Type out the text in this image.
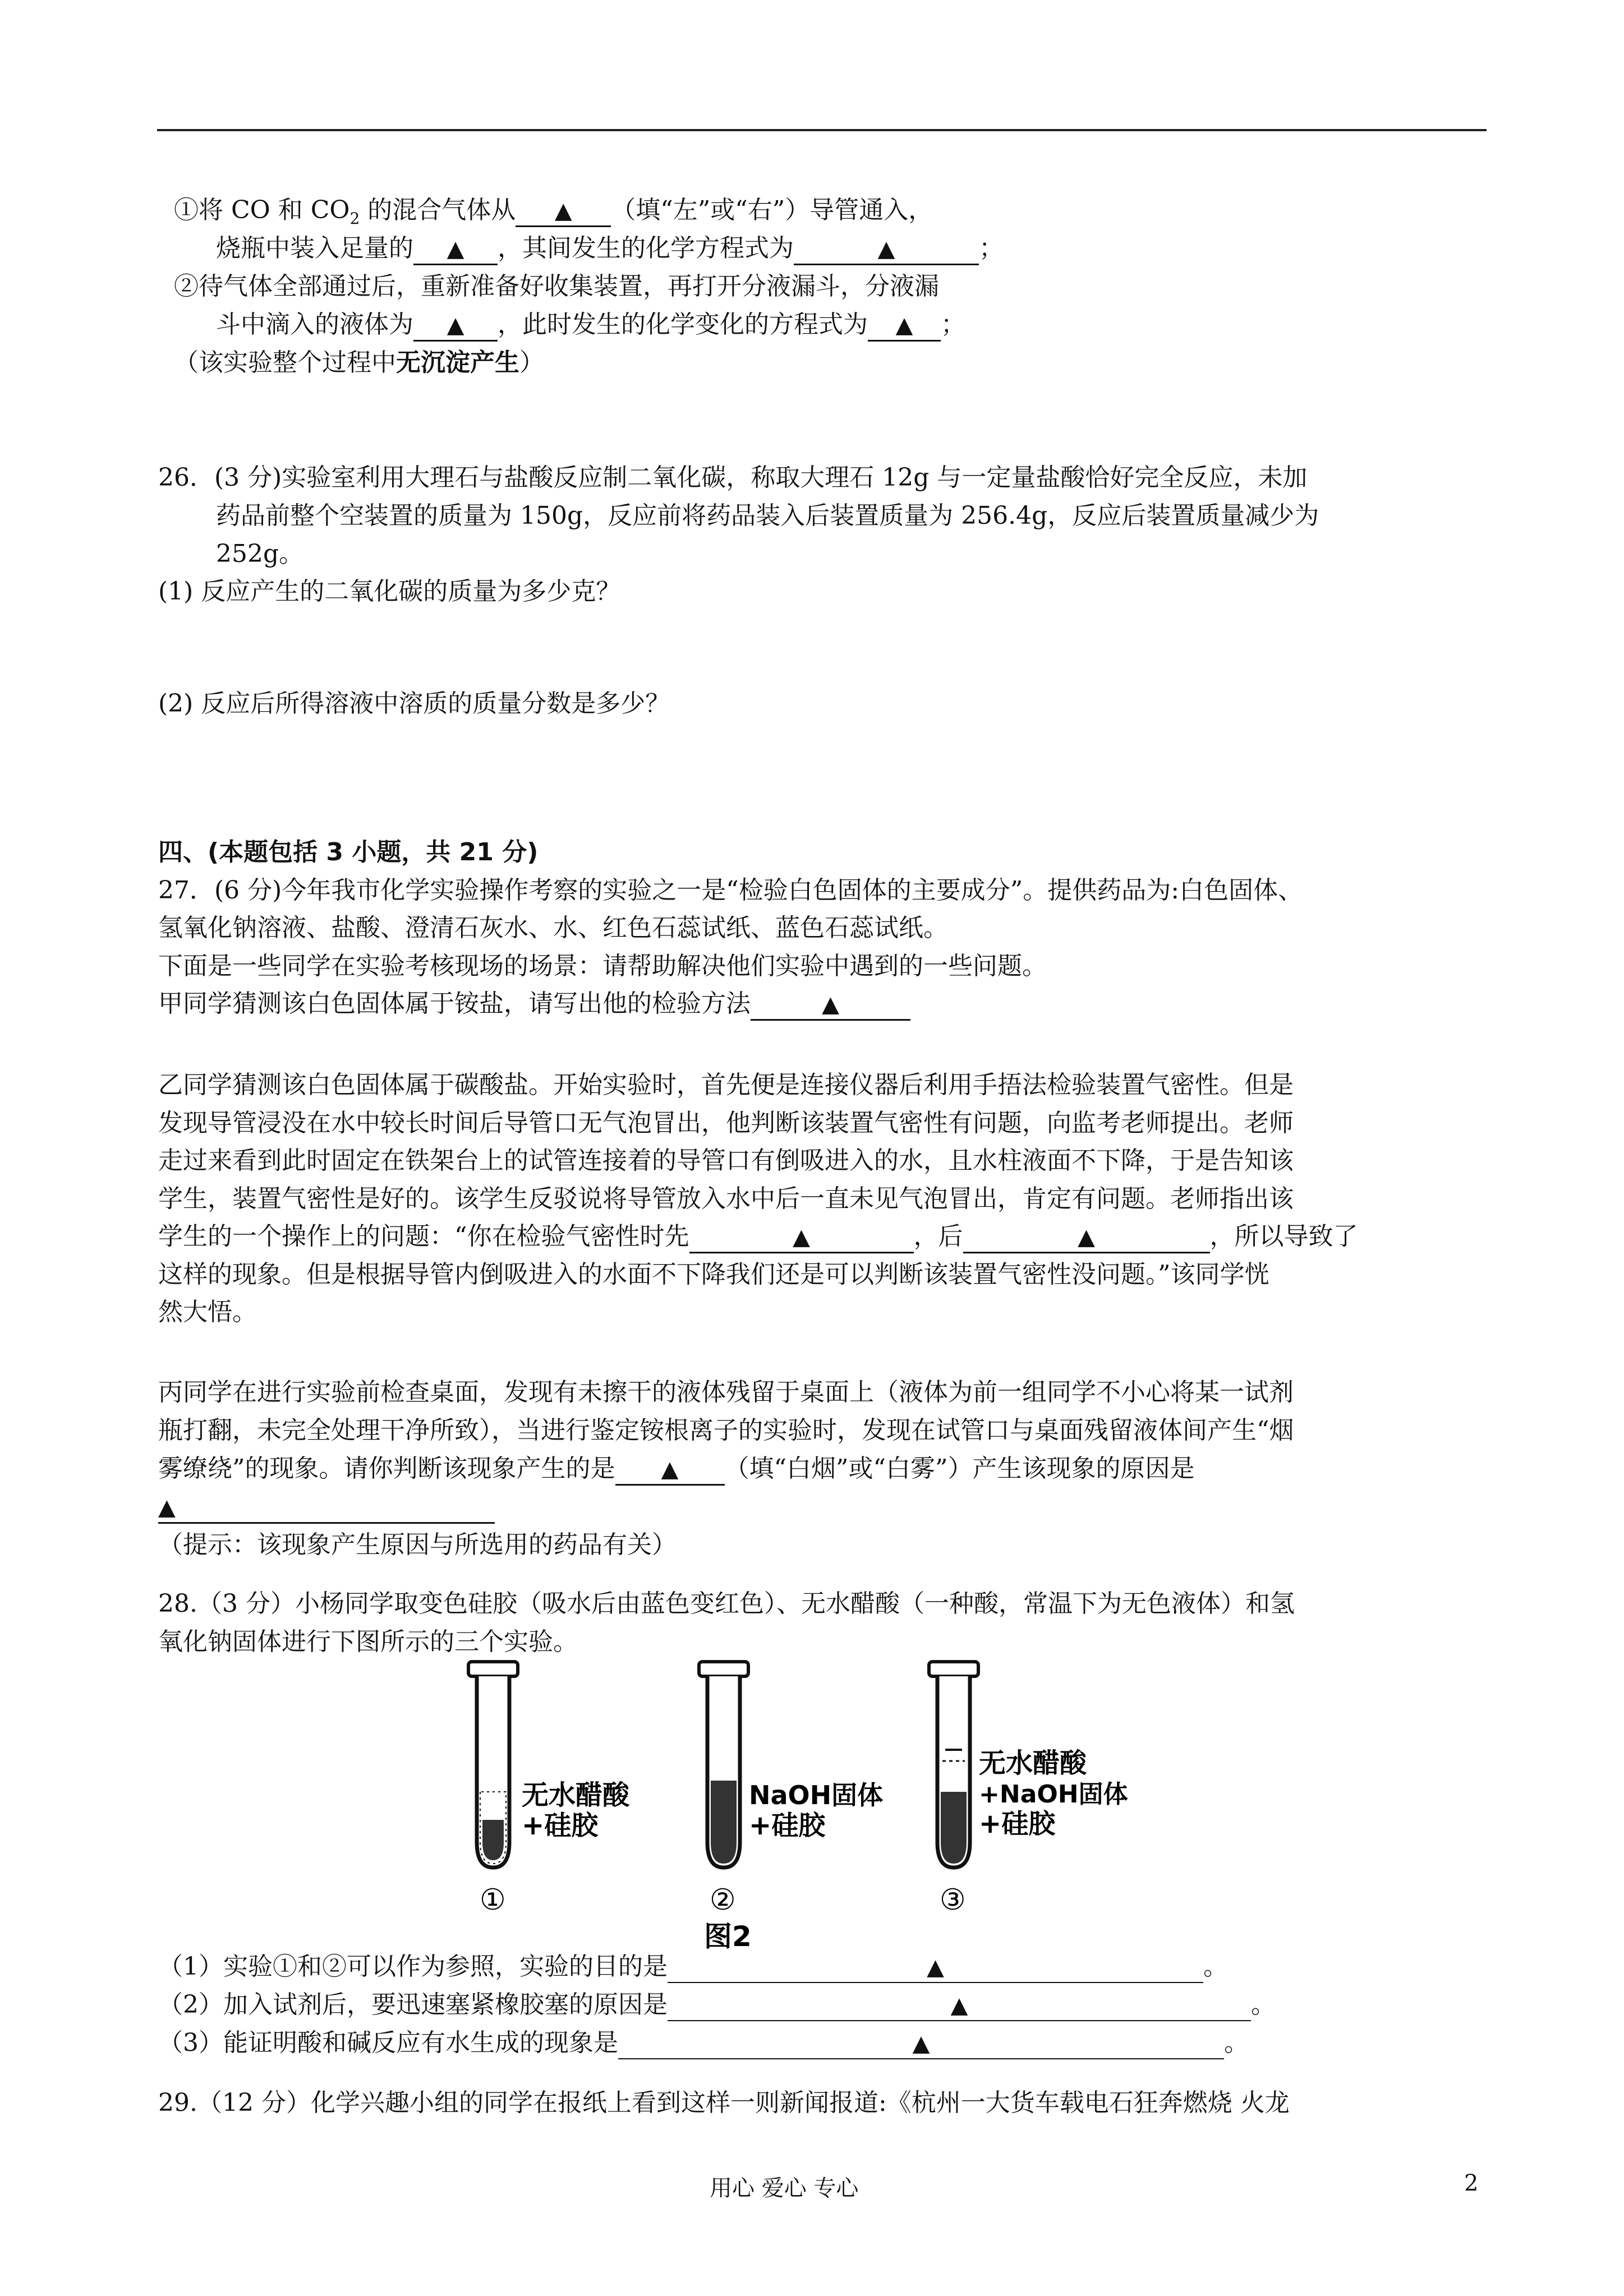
①将 CO 和 $CO_2$ 的混合气体从 ▲ （填“左”或“右”）导管通入，
烧瓶中装入足量的 ▲ ，其间发生的化学方程式为	▲	；
②待气体全部通过后，重新准备好收集装置，再打开分液漏斗，分液漏
斗中滴入的液体为 ▲ ，此时发生的化学变化的方程式为 ▲ ；
（该实验整个过程中无沉淀产生）
26．(3 分)实验室利用大理石与盐酸反应制二氧化碳，称取大理石 12g 与一定量盐酸恰好完全反应，未加
药品前整个空装置的质量为 150g，反应前将药品装入后装置质量为 256.4g，反应后装置质量减少为
252g。
(1) 反应产生的二氧化碳的质量为多少克？
(2) 反应后所得溶液中溶质的质量分数是多少？
四、(本题包括 3 小题，共 21 分)
27．(6 分)今年我市化学实验操作考察的实验之一是“检验白色固体的主要成分”。提供药品为:白色固体、
氢氧化钠溶液、盐酸、澄清石灰水、水、红色石蕊试纸、蓝色石蕊试纸。
下面是一些同学在实验考核现场的场景：请帮助解决他们实验中遇到的一些问题。
甲同学猜测该白色固体属于铵盐，请写出他的检验方法	▲
乙同学猜测该白色固体属于碳酸盐。开始实验时，首先便是连接仪器后利用手捂法检验装置气密性。但是
发现导管浸没在水中较长时间后导管口无气泡冒出，他判断该装置气密性有问题，向监考老师提出。老师
走过来看到此时固定在铁架台上的试管连接着的导管口有倒吸进入的水，且水柱液面不下降，于是告知该
学生，装置气密性是好的。该学生反驳说将导管放入水中后一直未见气泡冒出，肯定有问题。老师指出该
学生的一个操作上的问题：“你在检验气密性时先	▲	，后	▲	，所以导致了
这样的现象。但是根据导管内倒吸进入的水面不下降我们还是可以判断该装置气密性没问题。”该同学恍
然大悟。
丙同学在进行实验前检查桌面，发现有未擦干的液体残留于桌面上（液体为前一组同学不小心将某一试剂
瓶打翻，未完全处理干净所致），当进行鉴定铵根离子的实验时，发现在试管口与桌面残留液体间产生“烟
雾缭绕”的现象。请你判断该现象产生的是 ▲ （填“白烟”或“白雾”）产生该现象的原因是
▲
（提示：该现象产生原因与所选用的药品有关）
28.（3 分）小杨同学取变色硅胶（吸水后由蓝色变红色）、无水醋酸（一种酸，常温下为无色液体）和氢
氧化钠固体进行下图所示的三个实验。
无水醋酸
+硅胶
①
NaOH固体
+硅胶
②
无水醋酸
+NaOH固体
+硅胶
③
图2
（1）实验①和②可以作为参照，实验的目的是	▲	。
（2）加入试剂后，要迅速塞紧橡胶塞的原因是	▲	。
（3）能证明酸和碱反应有水生成的现象是	▲	。
29.（12 分）化学兴趣小组的同学在报纸上看到这样一则新闻报道:《杭州一大货车载电石狂奔燃烧 火龙
用心 爱心 专心	2
